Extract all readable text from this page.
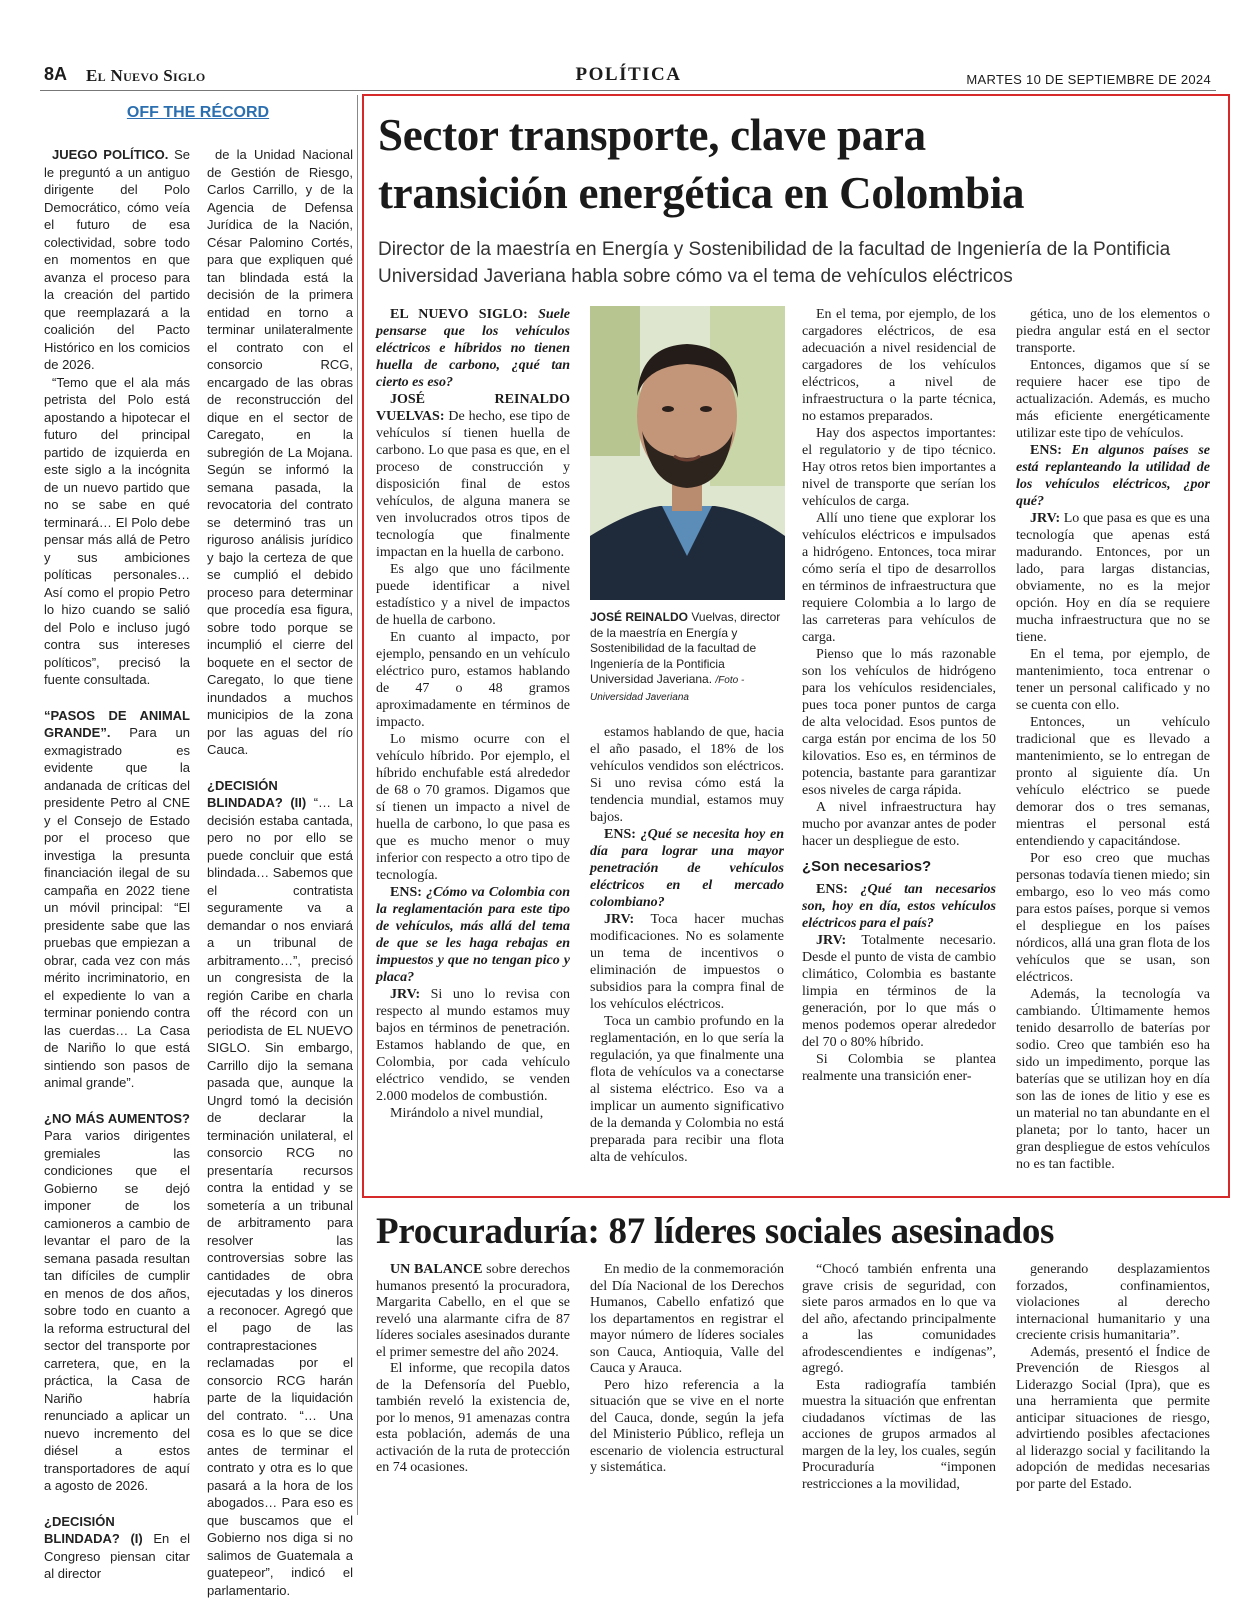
8A El Nuevo Siglo	POLÍTICA	MARTES 10 DE SEPTIEMBRE DE 2024
OFF THE RÉCORD

JUEGO POLÍTICO. Se le preguntó a un antiguo dirigente del Polo Democrático, cómo veía el futuro de esa colectividad, sobre todo en momentos en que avanza el proceso para la creación del partido que reemplazará a la coalición del Pacto Histórico en los comicios de 2026.

“Temo que el ala más petrista del Polo está apostando a hipotecar el futuro del principal partido de izquierda en este siglo a la incógnita de un nuevo partido que no se sabe en qué terminará… El Polo debe pensar más allá de Petro y sus ambiciones políticas personales… Así como el propio Petro lo hizo cuando se salió del Polo e incluso jugó contra sus intereses políticos”, precisó la fuente consultada.

“PASOS DE ANIMAL GRANDE”. Para un exmagistrado es evidente que la andanada de críticas del presidente Petro al CNE y el Consejo de Estado por el proceso que investiga la presunta financiación ilegal de su campaña en 2022 tiene un móvil principal: “El presidente sabe que las pruebas que empiezan a obrar, cada vez con más mérito incriminatorio, en el expediente lo van a terminar poniendo contra las cuerdas… La Casa de Nariño lo que está sintiendo son pasos de animal grande”.

¿NO MÁS AUMENTOS? Para varios dirigentes gremiales las condiciones que el Gobierno se dejó imponer de los camioneros a cambio de levantar el paro de la semana pasada resultan tan difíciles de cumplir en menos de dos años, sobre todo en cuanto a la reforma estructural del sector del transporte por carretera, que, en la práctica, la Casa de Nariño habría renunciado a aplicar un nuevo incremento del diésel a estos transportadores de aquí a agosto de 2026.

¿DECISIÓN BLINDADA? (I) En el Congreso piensan citar al director

de la Unidad Nacional de Gestión de Riesgo, Carlos Carrillo, y de la Agencia de Defensa Jurídica de la Nación, César Palomino Cortés, para que expliquen qué tan blindada está la decisión de la primera entidad en torno a terminar unilateralmente el contrato con el consorcio RCG, encargado de las obras de reconstrucción del dique en el sector de Caregato, en la subregión de La Mojana. Según se informó la semana pasada, la revocatoria del contrato se determinó tras un riguroso análisis jurídico y bajo la certeza de que se cumplió el debido proceso para determinar que procedía esa figura, sobre todo porque se incumplió el cierre del boquete en el sector de Caregato, lo que tiene inundados a muchos municipios de la zona por las aguas del río Cauca.

¿DECISIÓN BLINDADA? (II) “… La decisión estaba cantada, pero no por ello se puede concluir que está blindada… Sabemos que el contratista seguramente va a demandar o nos enviará a un tribunal de arbitramento…”, precisó un congresista de la región Caribe en charla off the récord con un periodista de EL NUEVO SIGLO. Sin embargo, Carrillo dijo la semana pasada que, aunque la Ungrd tomó la decisión de declarar la terminación unilateral, el consorcio RCG no presentaría recursos contra la entidad y se sometería a un tribunal de arbitramento para resolver las controversias sobre las cantidades de obra ejecutadas y los dineros a reconocer. Agregó que el pago de las contraprestaciones reclamadas por el consorcio RCG harán parte de la liquidación del contrato. “… Una cosa es lo que se dice antes de terminar el contrato y otra es lo que pasará a la hora de los abogados… Para eso es que buscamos que el Gobierno nos diga si no salimos de Guatemala a guatepeor”, indicó el parlamentario.

Sector transporte, clave para
transición energética en Colombia
Director de la maestría en Energía y Sostenibilidad de la facultad de Ingeniería de la Pontificia Universidad Javeriana habla sobre cómo va el tema de vehículos eléctricos

EL NUEVO SIGLO: Suele pensarse que los vehículos eléctricos e híbridos no tienen huella de carbono, ¿qué tan cierto es eso?

JOSÉ REINALDO VUELVAS: De hecho, ese tipo de vehículos sí tienen huella de carbono. Lo que pasa es que, en el proceso de construcción y disposición final de estos vehículos, de alguna manera se ven involucrados otros tipos de tecnología que finalmente impactan en la huella de carbono.

Es algo que uno fácilmente puede identificar a nivel estadístico y a nivel de impactos de huella de carbono.

En cuanto al impacto, por ejemplo, pensando en un vehículo eléctrico puro, estamos hablando de 47 o 48 gramos aproximadamente en términos de impacto.

Lo mismo ocurre con el vehículo híbrido. Por ejemplo, el híbrido enchufable está alrededor de 68 o 70 gramos. Digamos que sí tienen un impacto a nivel de huella de carbono, lo que pasa es que es mucho menor o muy inferior con respecto a otro tipo de tecnología.

ENS: ¿Cómo va Colombia con la reglamentación para este tipo de vehículos, más allá del tema de que se les haga rebajas en impuestos y que no tengan pico y placa?

JRV: Si uno lo revisa con respecto al mundo estamos muy bajos en términos de penetración. Estamos hablando de que, en Colombia, por cada vehículo eléctrico vendido, se venden 2.000 modelos de combustión.

Mirándolo a nivel mundial,

JOSÉ REINALDO Vuelvas, director de la maestría en Energía y Sostenibilidad de la facultad de Ingeniería de la Pontificia Universidad Javeriana. /Foto - Universidad Javeriana

estamos hablando de que, hacia el año pasado, el 18% de los vehículos vendidos son eléctricos. Si uno revisa cómo está la tendencia mundial, estamos muy bajos.

ENS: ¿Qué se necesita hoy en día para lograr una mayor penetración de vehículos eléctricos en el mercado colombiano?

JRV: Toca hacer muchas modificaciones. No es solamente un tema de incentivos o eliminación de impuestos o subsidios para la compra final de los vehículos eléctricos.

Toca un cambio profundo en la reglamentación, en lo que sería la regulación, ya que finalmente una flota de vehículos va a conectarse al sistema eléctrico. Eso va a implicar un aumento significativo de la demanda y Colombia no está preparada para recibir una flota alta de vehículos.

En el tema, por ejemplo, de los cargadores eléctricos, de esa adecuación a nivel residencial de cargadores de los vehículos eléctricos, a nivel de infraestructura o la parte técnica, no estamos preparados.

Hay dos aspectos importantes: el regulatorio y de tipo técnico. Hay otros retos bien importantes a nivel de transporte que serían los vehículos de carga.

Allí uno tiene que explorar los vehículos eléctricos e impulsados a hidrógeno. Entonces, toca mirar cómo sería el tipo de desarrollos en términos de infraestructura que requiere Colombia a lo largo de las carreteras para vehículos de carga.

Pienso que lo más razonable son los vehículos de hidrógeno para los vehículos residenciales, pues toca poner puntos de carga de alta velocidad. Esos puntos de carga están por encima de los 50 kilovatios. Eso es, en términos de potencia, bastante para garantizar esos niveles de carga rápida.

A nivel infraestructura hay mucho por avanzar antes de poder hacer un despliegue de esto.

¿Son necesarios?

ENS: ¿Qué tan necesarios son, hoy en día, estos vehículos eléctricos para el país?

JRV: Totalmente necesario. Desde el punto de vista de cambio climático, Colombia es bastante limpia en términos de la generación, por lo que más o menos podemos operar alrededor del 70 o 80% híbrido.

Si Colombia se plantea realmente una transición ener-

gética, uno de los elementos o piedra angular está en el sector transporte.

Entonces, digamos que sí se requiere hacer ese tipo de actualización. Además, es mucho más eficiente energéticamente utilizar este tipo de vehículos.

ENS: En algunos países se está replanteando la utilidad de los vehículos eléctricos, ¿por qué?

JRV: Lo que pasa es que es una tecnología que apenas está madurando. Entonces, por un lado, para largas distancias, obviamente, no es la mejor opción. Hoy en día se requiere mucha infraestructura que no se tiene.

En el tema, por ejemplo, de mantenimiento, toca entrenar o tener un personal calificado y no se cuenta con ello.

Entonces, un vehículo tradicional que es llevado a mantenimiento, se lo entregan de pronto al siguiente día. Un vehículo eléctrico se puede demorar dos o tres semanas, mientras el personal está entendiendo y capacitándose.

Por eso creo que muchas personas todavía tienen miedo; sin embargo, eso lo veo más como para estos países, porque si vemos el despliegue en los países nórdicos, allá una gran flota de los vehículos que se usan, son eléctricos.

Además, la tecnología va cambiando. Últimamente hemos tenido desarrollo de baterías por sodio. Creo que también eso ha sido un impedimento, porque las baterías que se utilizan hoy en día son las de iones de litio y ese es un material no tan abundante en el planeta; por lo tanto, hacer un gran despliegue de estos vehículos no es tan factible.

Procuraduría: 87 líderes sociales asesinados

UN BALANCE sobre derechos humanos presentó la procuradora, Margarita Cabello, en el que se reveló una alarmante cifra de 87 líderes sociales asesinados durante el primer semestre del año 2024.

El informe, que recopila datos de la Defensoría del Pueblo, también reveló la existencia de, por lo menos, 91 amenazas contra esta población, además de una activación de la ruta de protección en 74 ocasiones.

En medio de la conmemoración del Día Nacional de los Derechos Humanos, Cabello enfatizó que los departamentos en registrar el mayor número de líderes sociales son Cauca, Antioquia, Valle del Cauca y Arauca.

Pero hizo referencia a la situación que se vive en el norte del Cauca, donde, según la jefa del Ministerio Público, refleja un escenario de violencia estructural y sistemática.

“Chocó también enfrenta una grave crisis de seguridad, con siete paros armados en lo que va del año, afectando principalmente a las comunidades afrodescendientes e indígenas”, agregó.

Esta radiografía también muestra la situación que enfrentan ciudadanos víctimas de las acciones de grupos armados al margen de la ley, los cuales, según Procuraduría “imponen restricciones a la movilidad,

generando desplazamientos forzados, confinamientos, violaciones al derecho internacional humanitario y una creciente crisis humanitaria”.

Además, presentó el Índice de Prevención de Riesgos al Liderazgo Social (Ipra), que es una herramienta que permite anticipar situaciones de riesgo, advirtiendo posibles afectaciones al liderazgo social y facilitando la adopción de medidas necesarias por parte del Estado.
